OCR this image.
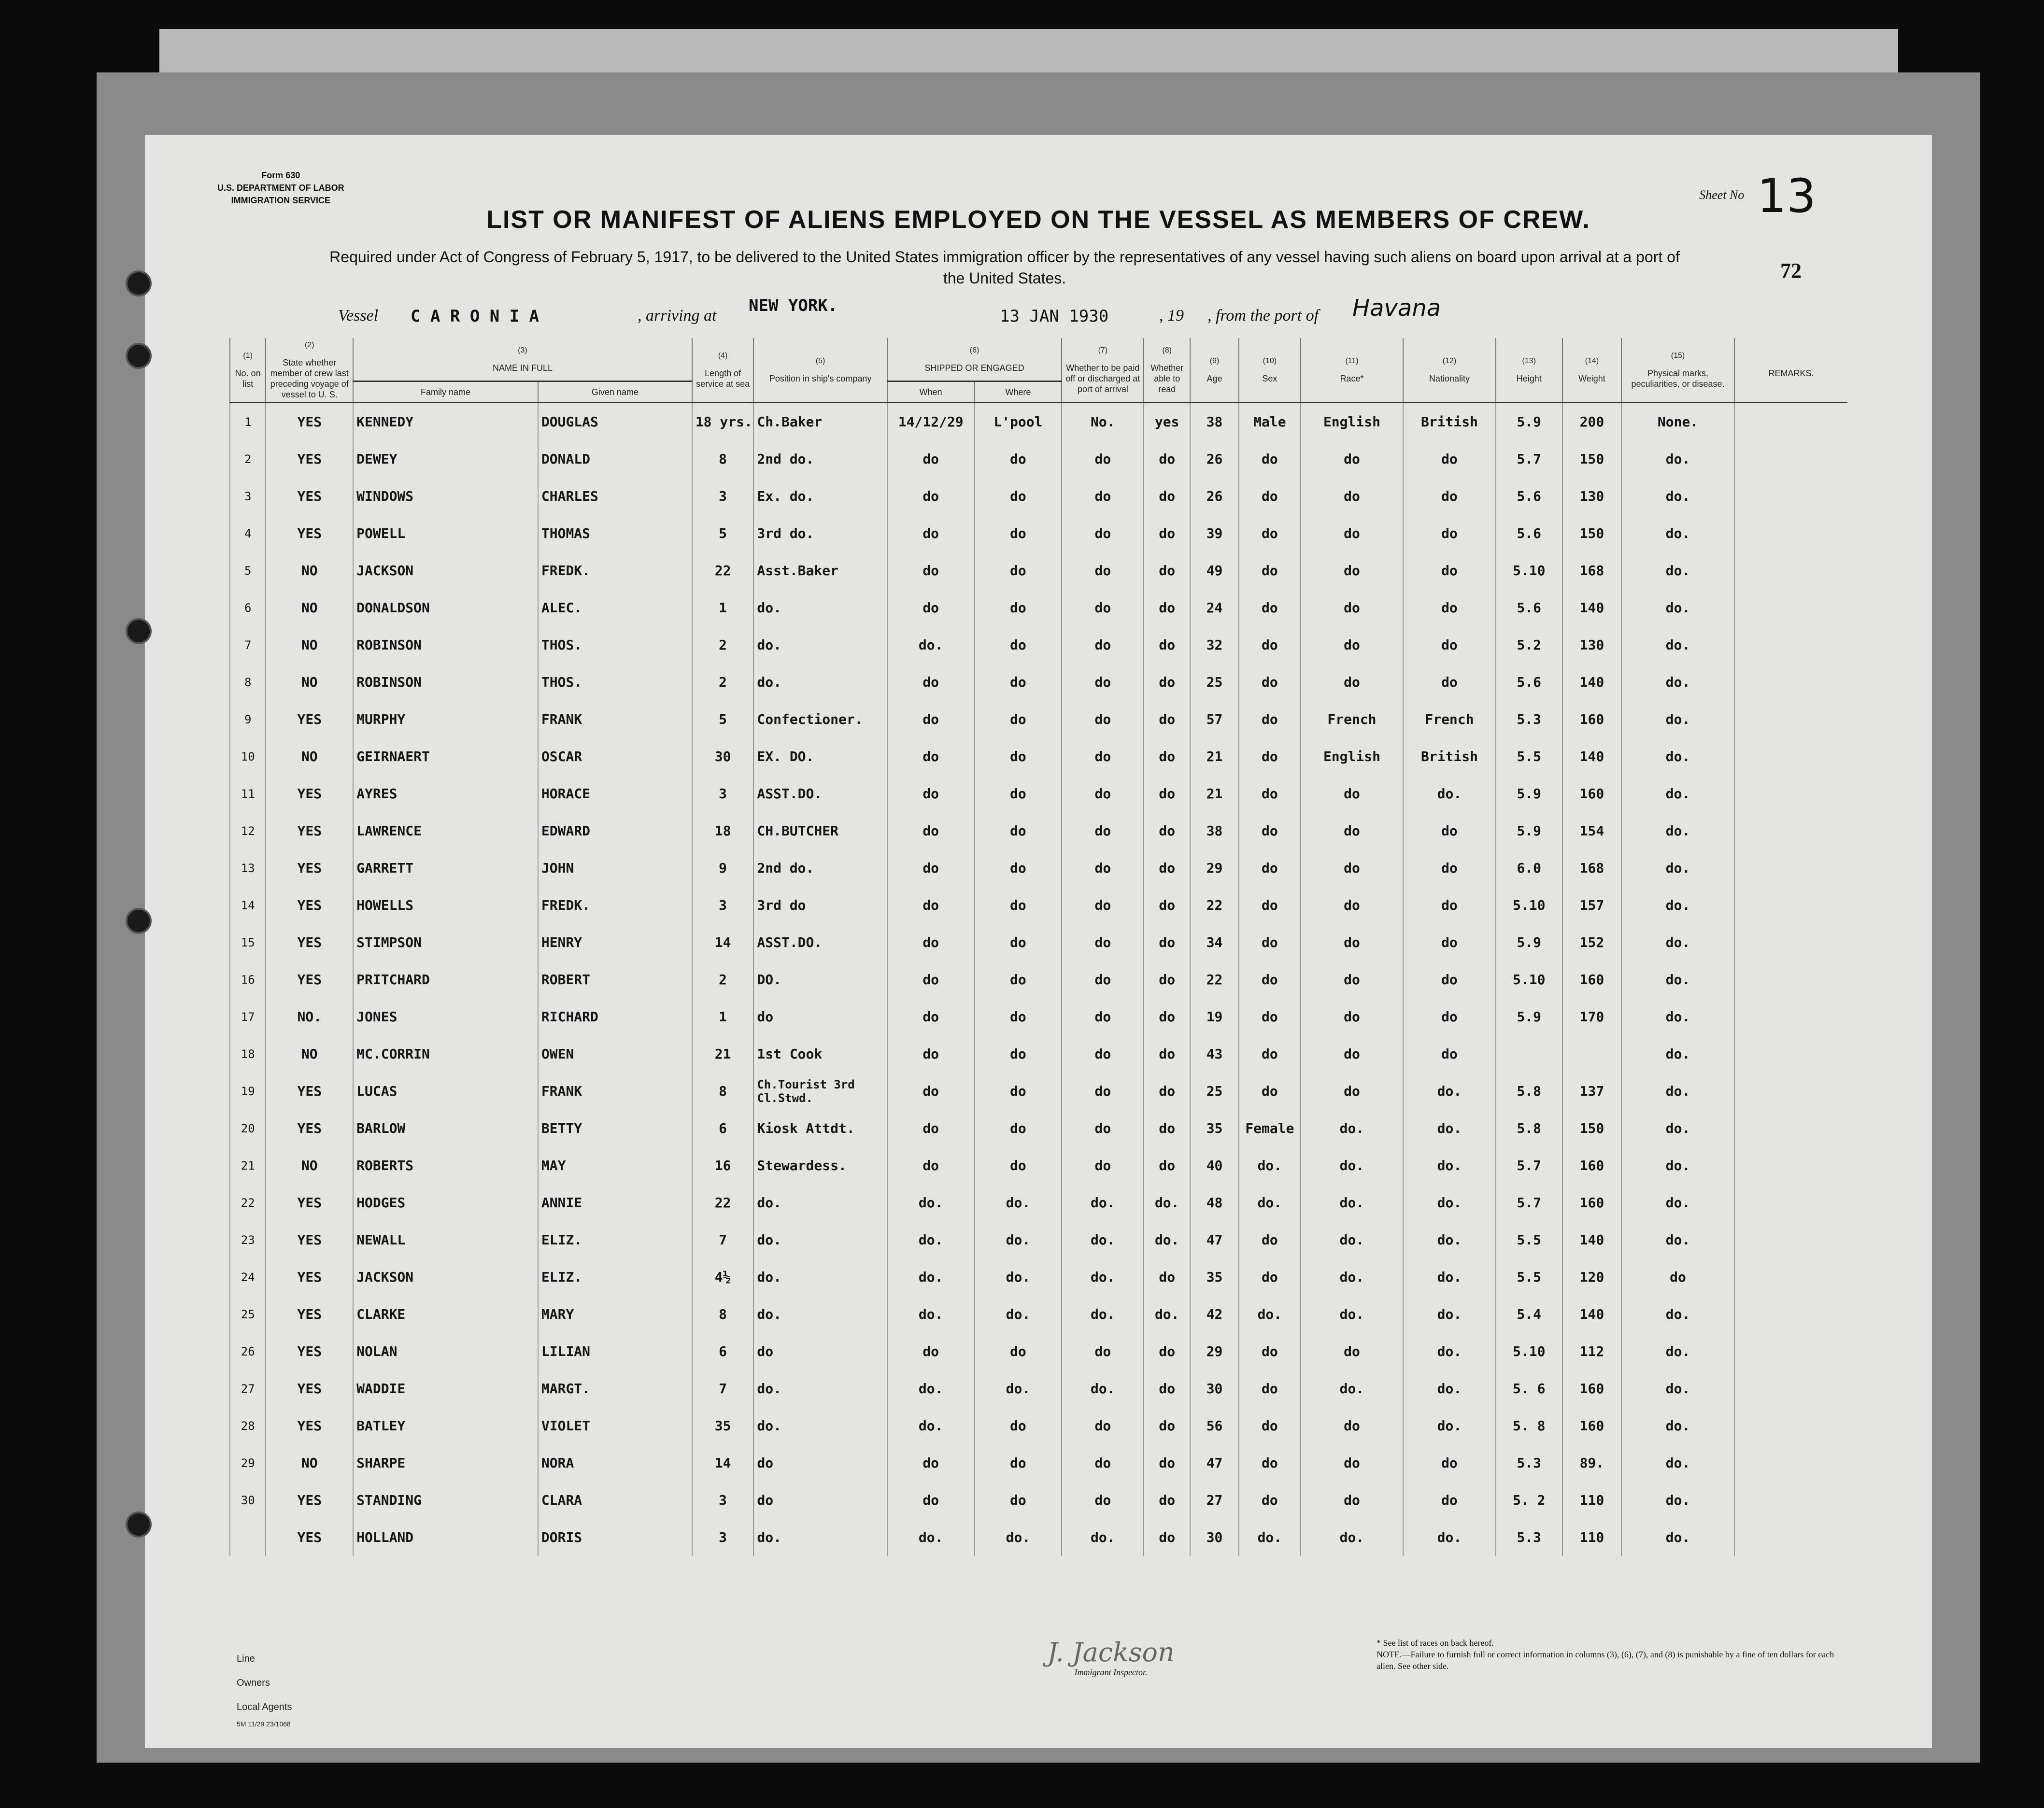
Form 630
U.S. DEPARTMENT OF LABOR
IMMIGRATION SERVICE	Sheet No 13
LIST OR MANIFEST OF ALIENS EMPLOYED ON THE VESSEL AS MEMBERS OF CREW.
Required under Act of Congress of February 5, 1917, to be delivered to the United States immigration officer by the representatives of any vessel having such aliens on board upon arrival at a port of the United States.	72
Vessel C A R O N I A	, arriving at
NEW YORK.
13 JAN 1930	, 19 , from the port of Havana
(1)
No. on list	(2)
State whether member of crew last preceding voyage of vessel to U. S.	(3)
NAME IN FULL		(4)
Length of service at sea	(5)
Position in ship's company	(6)
SHIPPED OR ENGAGED		(7)
Whether to be paid off or discharged at port of arrival	(8)
Whether able to read	(9)
Age	(10)
Sex	(11)
Race*	(12)
Nationality	(13)
Height	(14)
Weight	(15)
Physical marks, peculiarities, or disease.	REMARKS.
		Family name	Given name			When	Where										
1	YES	KENNEDY	DOUGLAS	18 yrs.	Ch.Baker	14/12/29	L'pool	No.	yes	38	Male	English	British	5.9	200	None.	
2	YES	DEWEY	DONALD	8	2nd do.	do	do	do	do	26	do	do	do	5.7	150	do.	
3	YES	WINDOWS	CHARLES	3	Ex. do.	do	do	do	do	26	do	do	do	5.6	130	do.	
4	YES	POWELL	THOMAS	5	3rd do.	do	do	do	do	39	do	do	do	5.6	150	do.	
5	NO	JACKSON	FREDK.	22	Asst.Baker	do	do	do	do	49	do	do	do	5.10	168	do.	
6	NO	DONALDSON	ALEC.	1	do.	do	do	do	do	24	do	do	do	5.6	140	do.	
7	NO	ROBINSON	THOS.	2	do.	do.	do	do	do	32	do	do	do	5.2	130	do.	
8	NO	ROBINSON	THOS.	2	do.	do	do	do	do	25	do	do	do	5.6	140	do.	
9	YES	MURPHY	FRANK	5	Confectioner.	do	do	do	do	57	do	French	French	5.3	160	do.	
10	NO	GEIRNAERT	OSCAR	30	EX. DO.	do	do	do	do	21	do	English	British	5.5	140	do.	
11	YES	AYRES	HORACE	3	ASST.DO.	do	do	do	do	21	do	do	do.	5.9	160	do.	
12	YES	LAWRENCE	EDWARD	18	CH.BUTCHER	do	do	do	do	38	do	do	do	5.9	154	do.	
13	YES	GARRETT	JOHN	9	2nd do.	do	do	do	do	29	do	do	do	6.0	168	do.	
14	YES	HOWELLS	FREDK.	3	3rd do	do	do	do	do	22	do	do	do	5.10	157	do.	
15	YES	STIMPSON	HENRY	14	ASST.DO.	do	do	do	do	34	do	do	do	5.9	152	do.	
16	YES	PRITCHARD	ROBERT	2	DO.	do	do	do	do	22	do	do	do	5.10	160	do.	
17	NO.	JONES	RICHARD	1	do	do	do	do	do	19	do	do	do	5.9	170	do.	
18	NO	MC.CORRIN	OWEN	21	1st Cook	do	do	do	do	43	do	do	do			do.	
19	YES	LUCAS	FRANK	8	Ch.Tourist 3rd Cl.Stwd.	do	do	do	do	25	do	do	do.	5.8	137	do.	
20	YES	BARLOW	BETTY	6	Kiosk Attdt.	do	do	do	do	35	Female	do.	do.	5.8	150	do.	
21	NO	ROBERTS	MAY	16	Stewardess.	do	do	do	do	40	do.	do.	do.	5.7	160	do.	
22	YES	HODGES	ANNIE	22	do.	do.	do.	do.	do.	48	do.	do.	do.	5.7	160	do.	
23	YES	NEWALL	ELIZ.	7	do.	do.	do.	do.	do.	47	do	do.	do.	5.5	140	do.	
24	YES	JACKSON	ELIZ.	4½	do.	do.	do.	do.	do	35	do	do.	do.	5.5	120	do	
25	YES	CLARKE	MARY	8	do.	do.	do.	do.	do.	42	do.	do.	do.	5.4	140	do.	
26	YES	NOLAN	LILIAN	6	do	do	do	do	do	29	do	do	do.	5.10	112	do.	
27	YES	WADDIE	MARGT.	7	do.	do.	do.	do.	do	30	do	do.	do.	5. 6	160	do.	
28	YES	BATLEY	VIOLET	35	do.	do.	do	do	do	56	do	do	do.	5. 8	160	do.	
29	NO	SHARPE	NORA	14	do	do	do	do	do	47	do	do	do	5.3	89.	do.	
30	YES	STANDING	CLARA	3	do	do	do	do	do	27	do	do	do	5. 2	110	do.	
	YES	HOLLAND	DORIS	3	do.	do.	do.	do.	do	30	do.	do.	do.	5.3	110	do.	
Line
Owners
Local Agents
5M 11/29 23/1068
J. Jackson
Immigrant Inspector.
* See list of races on back hereof.
NOTE.—Failure to furnish full or correct information in columns (3), (6), (7), and (8) is punishable by a fine of ten dollars for each alien. See other side.
